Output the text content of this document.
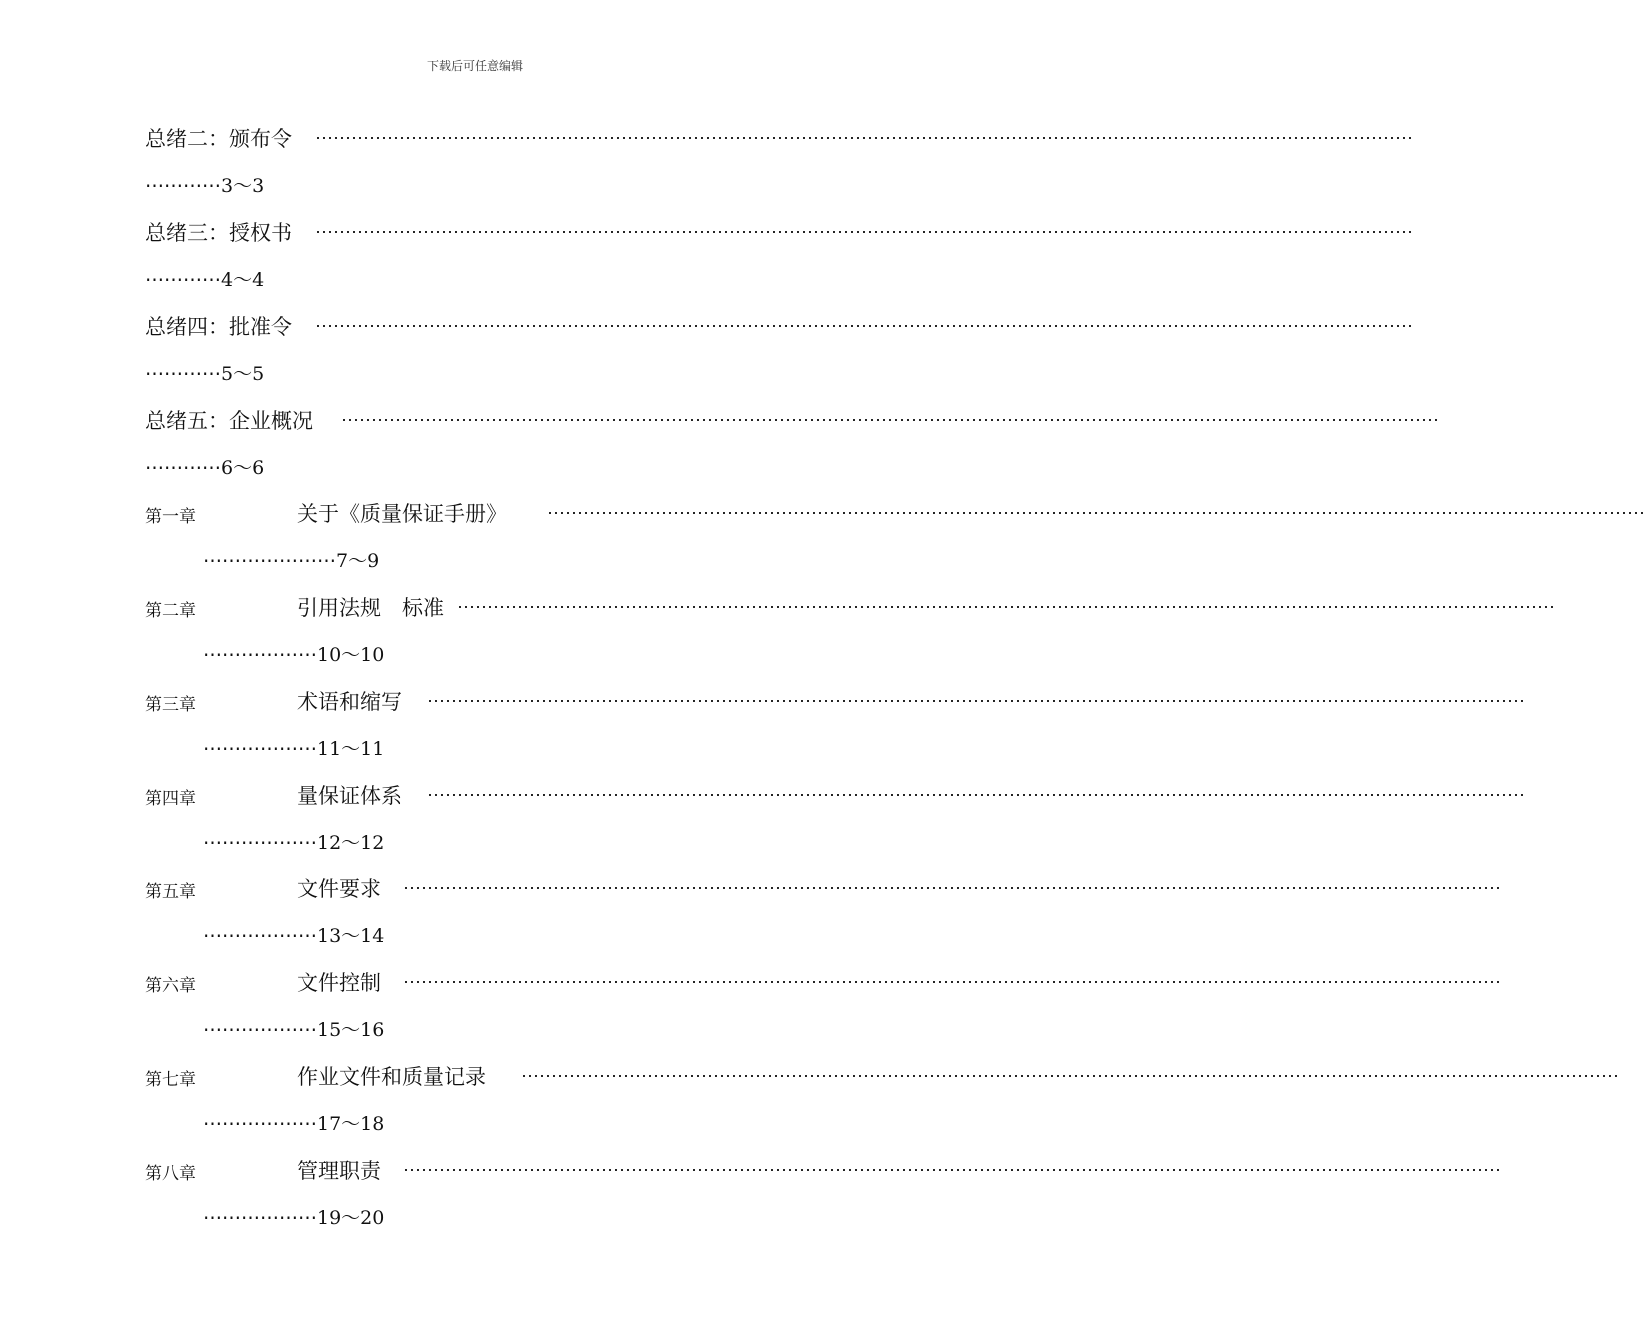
下载后可任意编辑
总绪二：颁布令 ⋯⋯⋯⋯⋯⋯⋯⋯⋯⋯⋯⋯⋯⋯⋯⋯⋯⋯⋯⋯⋯⋯⋯⋯⋯⋯⋯⋯⋯⋯⋯⋯⋯⋯⋯⋯⋯⋯⋯⋯⋯⋯⋯⋯⋯⋯⋯⋯⋯⋯⋯⋯⋯⋯⋯⋯⋯⋯⋯⋯⋯
⋯⋯⋯⋯3～3
总绪三：授权书 ⋯⋯⋯⋯⋯⋯⋯⋯⋯⋯⋯⋯⋯⋯⋯⋯⋯⋯⋯⋯⋯⋯⋯⋯⋯⋯⋯⋯⋯⋯⋯⋯⋯⋯⋯⋯⋯⋯⋯⋯⋯⋯⋯⋯⋯⋯⋯⋯⋯⋯⋯⋯⋯⋯⋯⋯⋯⋯⋯⋯⋯
⋯⋯⋯⋯4～4
总绪四：批准令 ⋯⋯⋯⋯⋯⋯⋯⋯⋯⋯⋯⋯⋯⋯⋯⋯⋯⋯⋯⋯⋯⋯⋯⋯⋯⋯⋯⋯⋯⋯⋯⋯⋯⋯⋯⋯⋯⋯⋯⋯⋯⋯⋯⋯⋯⋯⋯⋯⋯⋯⋯⋯⋯⋯⋯⋯⋯⋯⋯⋯⋯
⋯⋯⋯⋯5～5
总绪五：企业概况 ⋯⋯⋯⋯⋯⋯⋯⋯⋯⋯⋯⋯⋯⋯⋯⋯⋯⋯⋯⋯⋯⋯⋯⋯⋯⋯⋯⋯⋯⋯⋯⋯⋯⋯⋯⋯⋯⋯⋯⋯⋯⋯⋯⋯⋯⋯⋯⋯⋯⋯⋯⋯⋯⋯⋯⋯⋯⋯⋯⋯⋯
⋯⋯⋯⋯6～6
第一章	关于《质量保证手册》 ⋯⋯⋯⋯⋯⋯⋯⋯⋯⋯⋯⋯⋯⋯⋯⋯⋯⋯⋯⋯⋯⋯⋯⋯⋯⋯⋯⋯⋯⋯⋯⋯⋯⋯⋯⋯⋯⋯⋯⋯⋯⋯⋯⋯⋯⋯⋯⋯⋯⋯⋯⋯⋯⋯⋯⋯⋯⋯⋯⋯⋯
⋯⋯⋯⋯⋯⋯⋯7～9
第二章	引用法规　标准 ⋯⋯⋯⋯⋯⋯⋯⋯⋯⋯⋯⋯⋯⋯⋯⋯⋯⋯⋯⋯⋯⋯⋯⋯⋯⋯⋯⋯⋯⋯⋯⋯⋯⋯⋯⋯⋯⋯⋯⋯⋯⋯⋯⋯⋯⋯⋯⋯⋯⋯⋯⋯⋯⋯⋯⋯⋯⋯⋯⋯⋯
⋯⋯⋯⋯⋯⋯10～10
第三章	术语和缩写 ⋯⋯⋯⋯⋯⋯⋯⋯⋯⋯⋯⋯⋯⋯⋯⋯⋯⋯⋯⋯⋯⋯⋯⋯⋯⋯⋯⋯⋯⋯⋯⋯⋯⋯⋯⋯⋯⋯⋯⋯⋯⋯⋯⋯⋯⋯⋯⋯⋯⋯⋯⋯⋯⋯⋯⋯⋯⋯⋯⋯⋯
⋯⋯⋯⋯⋯⋯11～11
第四章	量保证体系 ⋯⋯⋯⋯⋯⋯⋯⋯⋯⋯⋯⋯⋯⋯⋯⋯⋯⋯⋯⋯⋯⋯⋯⋯⋯⋯⋯⋯⋯⋯⋯⋯⋯⋯⋯⋯⋯⋯⋯⋯⋯⋯⋯⋯⋯⋯⋯⋯⋯⋯⋯⋯⋯⋯⋯⋯⋯⋯⋯⋯⋯
⋯⋯⋯⋯⋯⋯12～12
第五章	文件要求 ⋯⋯⋯⋯⋯⋯⋯⋯⋯⋯⋯⋯⋯⋯⋯⋯⋯⋯⋯⋯⋯⋯⋯⋯⋯⋯⋯⋯⋯⋯⋯⋯⋯⋯⋯⋯⋯⋯⋯⋯⋯⋯⋯⋯⋯⋯⋯⋯⋯⋯⋯⋯⋯⋯⋯⋯⋯⋯⋯⋯⋯
⋯⋯⋯⋯⋯⋯13～14
第六章	文件控制 ⋯⋯⋯⋯⋯⋯⋯⋯⋯⋯⋯⋯⋯⋯⋯⋯⋯⋯⋯⋯⋯⋯⋯⋯⋯⋯⋯⋯⋯⋯⋯⋯⋯⋯⋯⋯⋯⋯⋯⋯⋯⋯⋯⋯⋯⋯⋯⋯⋯⋯⋯⋯⋯⋯⋯⋯⋯⋯⋯⋯⋯
⋯⋯⋯⋯⋯⋯15～16
第七章	作业文件和质量记录 ⋯⋯⋯⋯⋯⋯⋯⋯⋯⋯⋯⋯⋯⋯⋯⋯⋯⋯⋯⋯⋯⋯⋯⋯⋯⋯⋯⋯⋯⋯⋯⋯⋯⋯⋯⋯⋯⋯⋯⋯⋯⋯⋯⋯⋯⋯⋯⋯⋯⋯⋯⋯⋯⋯⋯⋯⋯⋯⋯⋯⋯
⋯⋯⋯⋯⋯⋯17～18
第八章	管理职责 ⋯⋯⋯⋯⋯⋯⋯⋯⋯⋯⋯⋯⋯⋯⋯⋯⋯⋯⋯⋯⋯⋯⋯⋯⋯⋯⋯⋯⋯⋯⋯⋯⋯⋯⋯⋯⋯⋯⋯⋯⋯⋯⋯⋯⋯⋯⋯⋯⋯⋯⋯⋯⋯⋯⋯⋯⋯⋯⋯⋯⋯
⋯⋯⋯⋯⋯⋯19～20
